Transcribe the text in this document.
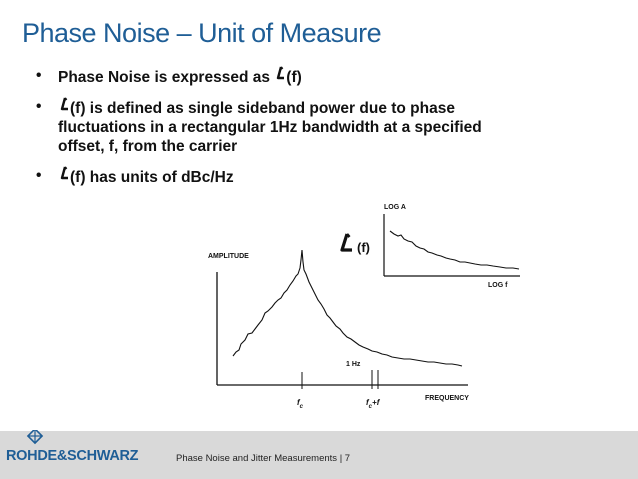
Phase Noise – Unit of Measure
• Phase Noise is expressed as
(f)
• (f) is defined as single sideband power due to phase fluctuations in a rectangular 1Hz bandwidth at a specified offset, f, from the carrier
• (f) has units of dBc/Hz
AMPLITUDE
FREQUENCY
1 Hz
$f_c$	$f_c+f$
(f)
LOG A
LOG f
ROHDE&SCHWARZ	Phase Noise and Jitter Measurements | 7
